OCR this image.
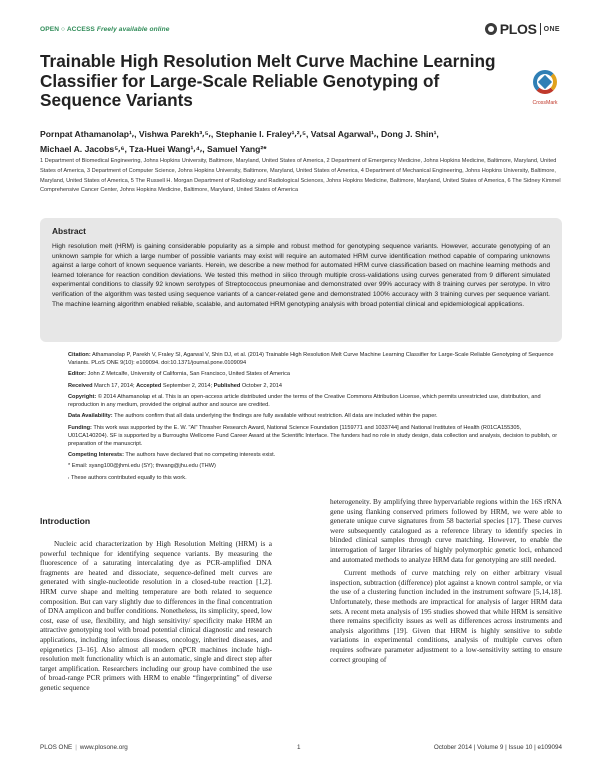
OPEN ○ ACCESS Freely available online	PLOS ONE
Trainable High Resolution Melt Curve Machine Learning Classifier for Large-Scale Reliable Genotyping of Sequence Variants	CrossMark
Pornpat Athamanolap¹⸴, Vishwa Parekh³⸴⁵⸴, Stephanie I. Fraley¹⸴²⸴⁵, Vatsal Agarwal¹⸴, Dong J. Shin¹,
Michael A. Jacobs⁵⸴⁶, Tza-Huei Wang¹⸴⁴⸴, Samuel Yang²*
1 Department of Biomedical Engineering, Johns Hopkins University, Baltimore, Maryland, United States of America, 2 Department of Emergency Medicine, Johns Hopkins Medicine, Baltimore, Maryland, United States of America, 3 Department of Computer Science, Johns Hopkins University, Baltimore, Maryland, United States of America, 4 Department of Mechanical Engineering, Johns Hopkins University, Baltimore, Maryland, United States of America, 5 The Russell H. Morgan Department of Radiology and Radiological Sciences, Johns Hopkins Medicine, Baltimore, Maryland, United States of America, 6 The Sidney Kimmel Comprehensive Cancer Center, Johns Hopkins Medicine, Baltimore, Maryland, United States of America
Abstract
High resolution melt (HRM) is gaining considerable popularity as a simple and robust method for genotyping sequence variants. However, accurate genotyping of an unknown sample for which a large number of possible variants may exist will require an automated HRM curve identification method capable of comparing unknowns against a large cohort of known sequence variants. Herein, we describe a new method for automated HRM curve classification based on machine learning methods and learned tolerance for reaction condition deviations. We tested this method in silico through multiple cross-validations using curves generated from 9 different simulated experimental conditions to classify 92 known serotypes of Streptococcus pneumoniae and demonstrated over 99% accuracy with 8 training curves per serotype. In vitro verification of the algorithm was tested using sequence variants of a cancer-related gene and demonstrated 100% accuracy with 3 training curves per sequence variant. The machine learning algorithm enabled reliable, scalable, and automated HRM genotyping analysis with broad potential clinical and epidemiological applications.

Citation: Athamanolap P, Parekh V, Fraley SI, Agarwal V, Shin DJ, et al. (2014) Trainable High Resolution Melt Curve Machine Learning Classifier for Large-Scale Reliable Genotyping of Sequence Variants. PLoS ONE 9(10): e109094. doi:10.1371/journal.pone.0109094

Editor: John Z Metcalfe, University of California, San Francisco, United States of America

Received March 17, 2014; Accepted September 2, 2014; Published October 2, 2014

Copyright: © 2014 Athamanolap et al. This is an open-access article distributed under the terms of the Creative Commons Attribution License, which permits unrestricted use, distribution, and reproduction in any medium, provided the original author and source are credited.

Data Availability: The authors confirm that all data underlying the findings are fully available without restriction. All data are included within the paper.

Funding: This work was supported by the E. W. "Al" Thrasher Research Award, National Science Foundation [1159771 and 1033744] and National Institutes of Health (R01CA155305, U01CA140204). SF is supported by a Burroughs Wellcome Fund Career Award at the Scientific Interface. The funders had no role in study design, data collection and analysis, decision to publish, or preparation of the manuscript.

Competing Interests: The authors have declared that no competing interests exist.

* Email: syang100@jhmi.edu (SY); thwang@jhu.edu (THW)

⸴ These authors contributed equally to this work.

Introduction

Nucleic acid characterization by High Resolution Melting (HRM) is a powerful technique for identifying sequence variants. By measuring the fluorescence of a saturating intercalating dye as PCR-amplified DNA fragments are heated and dissociate, sequence-defined melt curves are generated with single-nucleotide resolution in a closed-tube reaction [1,2]. HRM curve shape and melting temperature are both related to sequence composition. But can vary slightly due to differences in the final concentration of DNA amplicon and buffer conditions. Nonetheless, its simplicity, speed, low cost, ease of use, flexibility, and high sensitivity/ specificity make HRM an attractive genotyping tool with broad potential clinical diagnostic and research applications, including infectious diseases, oncology, inherited diseases, and epigenetics [3–16]. Also almost all modern qPCR machines include high-resolution melt functionality which is an automatic, single and direct step after target amplification. Researchers including our group have combined the use of broad-range PCR primers with HRM to enable “fingerprinting” of diverse genetic sequence

heterogeneity. By amplifying three hypervariable regions within the 16S rRNA gene using flanking conserved primers followed by HRM, we were able to generate unique curve signatures from 58 bacterial species [17]. These curves were subsequently catalogued as a reference library to identify species in blinded clinical samples through curve matching. However, to enable the interrogation of larger libraries of highly polymorphic genetic loci, enhanced and automated methods to analyze HRM data for genotyping are still needed.

Current methods of curve matching rely on either arbitrary visual inspection, subtraction (difference) plot against a known control sample, or via the use of a clustering function included in the instrument software [5,14,18]. Unfortunately, these methods are impractical for analysis of larger HRM data sets. A recent meta analysis of 195 studies showed that while HRM is sensitive there remains specificity issues as well as differences across instruments and analysis algorithms [19]. Given that HRM is highly sensitive to subtle variations in experimental conditions, analysis of multiple curves often requires software parameter adjustment to a low-sensitivity setting to ensure correct grouping of

PLOS ONE | www.plosone.org	1	October 2014 | Volume 9 | Issue 10 | e109094
